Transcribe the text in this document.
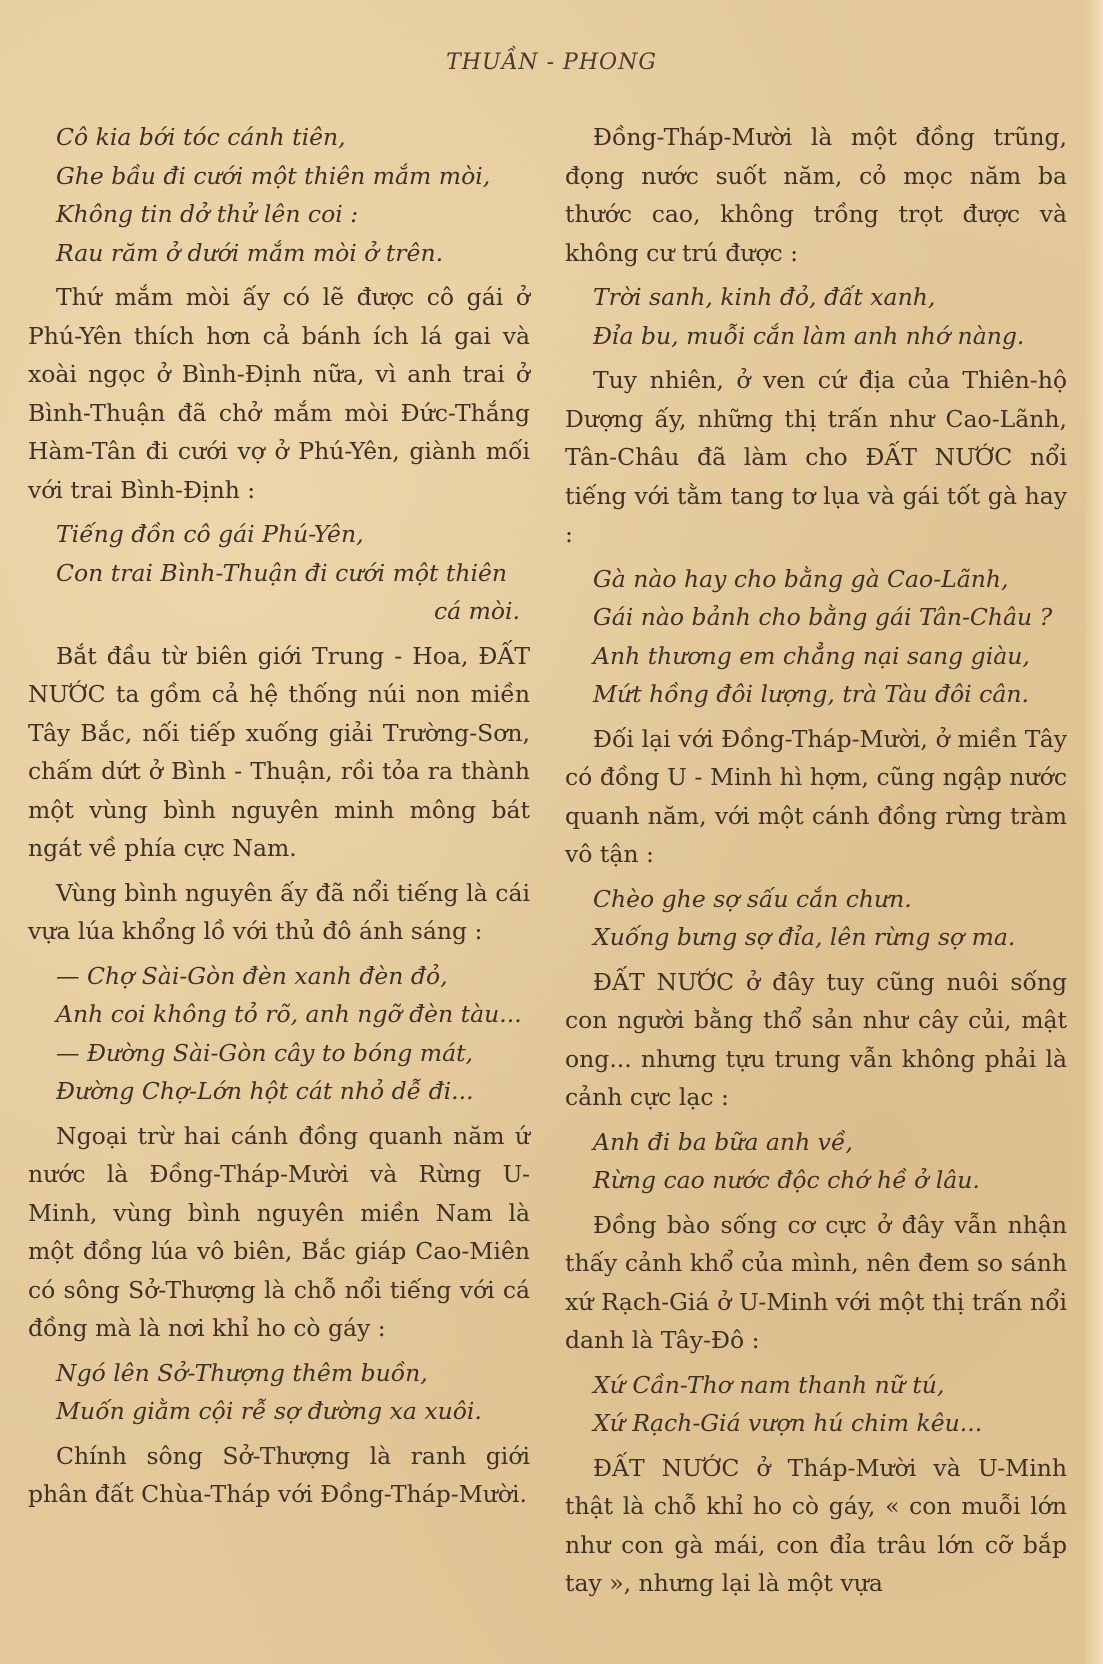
THUẦN - PHONG
Cô kia bới tóc cánh tiên,
Ghe bầu đi cưới một thiên mắm mòi,
Không tin dở thử lên coi :
Rau răm ở dưới mắm mòi ở trên.

Thứ mắm mòi ấy có lẽ được cô gái ở Phú-Yên thích hơn cả bánh ích lá gai và xoài ngọc ở Bình-Định nữa, vì anh trai ở Bình-Thuận đã chở mắm mòi Đức-Thắng Hàm-Tân đi cưới vợ ở Phú-Yên, giành mối với trai Bình-Định :

Tiếng đồn cô gái Phú-Yên,
Con trai Bình-Thuận đi cưới một thiên
cá mòi.

Bắt đầu từ biên giới Trung - Hoa, ĐẤT NƯỚC ta gồm cả hệ thống núi non miền Tây Bắc, nối tiếp xuống giải Trường-Sơn, chấm dứt ở Bình - Thuận, rồi tỏa ra thành một vùng bình nguyên minh mông bát ngát về phía cực Nam.

Vùng bình nguyên ấy đã nổi tiếng là cái vựa lúa khổng lồ với thủ đô ánh sáng :

— Chợ Sài-Gòn đèn xanh đèn đỏ,
Anh coi không tỏ rõ, anh ngỡ đèn tàu...
— Đường Sài-Gòn cây to bóng mát,
Đường Chợ-Lớn hột cát nhỏ dễ đi...

Ngoại trừ hai cánh đồng quanh năm ứ nước là Đồng-Tháp-Mười và Rừng U-Minh, vùng bình nguyên miền Nam là một đồng lúa vô biên, Bắc giáp Cao-Miên có sông Sở-Thượng là chỗ nổi tiếng với cá đồng mà là nơi khỉ ho cò gáy :

Ngó lên Sở-Thượng thêm buồn,
Muốn giằm cội rễ sợ đường xa xuôi.

Chính sông Sở-Thượng là ranh giới phân đất Chùa-Tháp với Đồng-Tháp-Mười.

Đồng-Tháp-Mười là một đồng trũng, đọng nước suốt năm, cỏ mọc năm ba thước cao, không trồng trọt được và không cư trú được :

Trời sanh, kinh đỏ, đất xanh,
Đỉa bu, muỗi cắn làm anh nhớ nàng.

Tuy nhiên, ở ven cứ địa của Thiên-hộ Dượng ấy, những thị trấn như Cao-Lãnh, Tân-Châu đã làm cho ĐẤT NƯỚC nổi tiếng với tằm tang tơ lụa và gái tốt gà hay :

Gà nào hay cho bằng gà Cao-Lãnh,
Gái nào bảnh cho bằng gái Tân-Châu ?
Anh thương em chẳng nại sang giàu,
Mứt hồng đôi lượng, trà Tàu đôi cân.

Đối lại với Đồng-Tháp-Mười, ở miền Tây có đồng U - Minh hì hợm, cũng ngập nước quanh năm, với một cánh đồng rừng tràm vô tận :

Chèo ghe sợ sấu cắn chưn.
Xuống bưng sợ đỉa, lên rừng sợ ma.

ĐẤT NƯỚC ở đây tuy cũng nuôi sống con người bằng thổ sản như cây củi, mật ong... nhưng tựu trung vẫn không phải là cảnh cực lạc :

Anh đi ba bữa anh về,
Rừng cao nước độc chớ hề ở lâu.

Đồng bào sống cơ cực ở đây vẫn nhận thấy cảnh khổ của mình, nên đem so sánh xứ Rạch-Giá ở U-Minh với một thị trấn nổi danh là Tây-Đô :

Xứ Cần-Thơ nam thanh nữ tú,
Xứ Rạch-Giá vượn hú chim kêu...

ĐẤT NƯỚC ở Tháp-Mười và U-Minh thật là chỗ khỉ ho cò gáy, « con muỗi lớn như con gà mái, con đỉa trâu lớn cỡ bắp tay », nhưng lại là một vựa
